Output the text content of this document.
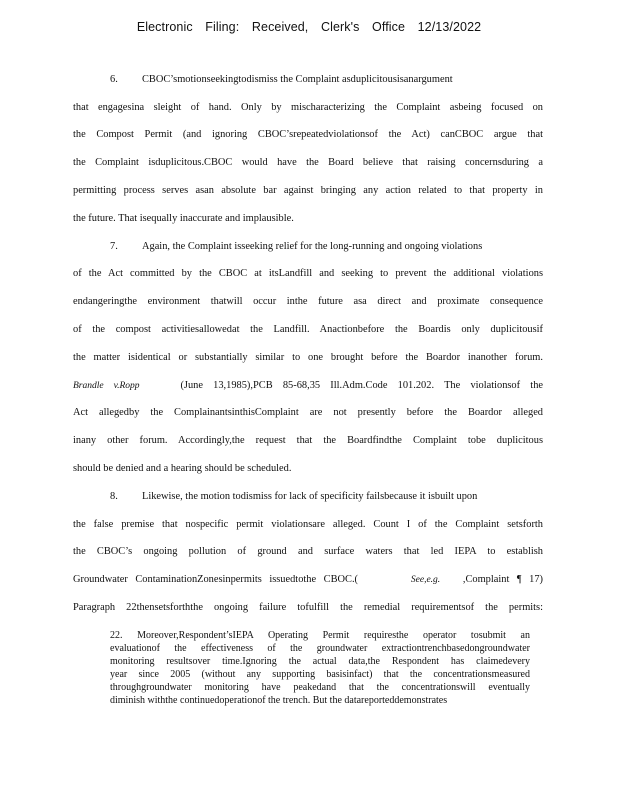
Electronic Filing: Received, Clerk's Office 12/13/2022
6. CBOC’smotionseekingtodismiss the Complaint asduplicitousisanargument
that engagesina sleight of hand. Only by mischaracterizing the Complaint asbeing focused on
the Compost Permit (and ignoring CBOC’srepeatedviolationsof the Act) canCBOC argue that
the Complaint isduplicitous.CBOC would have the Board believe that raising concernsduring a
permitting process serves asan absolute bar against bringing any action related to that property in
the future. That isequally inaccurate and implausible.
7. Again, the Complaint isseeking relief for the long-running and ongoing violations
of the Act committed by the CBOC at itsLandfill and seeking to prevent the additional violations
endangeringthe environment thatwill occur inthe future asa direct and proximate consequence
of the compost activitiesallowedat the Landfill. Anactionbefore the Boardis only duplicitousif
the matter isidentical or substantially similar to one brought before the Boardor inanother forum.
Brandle v.Ropp	(June 13,1985),PCB 85-68,35 Ill.Adm.Code 101.202. The violationsof the
Act allegedby the ComplainantsinthisComplaint are not presently before the Boardor alleged
inany other forum. Accordingly,the request that the Boardfindthe Complaint tobe duplicitous
should be denied and a hearing should be scheduled.
8. Likewise, the motion todismiss for lack of specificity failsbecause it isbuilt upon
the false premise that nospecific permit violationsare alleged. Count I of the Complaint setsforth
the CBOC’s ongoing pollution of ground and surface waters that led IEPA to establish
Groundwater ContaminationZonesinpermits issuedtothe CBOC.(	See,e.g. ,Complaint ¶ 17)
Paragraph 22thensetsforththe ongoing failure tofulfill the remedial requirementsof the permits:
22. Moreover,Respondent’sIEPA Operating Permit requiresthe operator tosubmit an
evaluationof the effectiveness of the groundwater extractiontrenchbasedongroundwater
monitoring resultsover time.Ignoring the actual data,the Respondent has claimedevery
year since 2005 (without any supporting basisinfact) that the concentrationsmeasured
throughgroundwater monitoring have peakedand that the concentrationswill eventually
diminish withthe continuedoperationof the trench. But the datareporteddemonstrates
